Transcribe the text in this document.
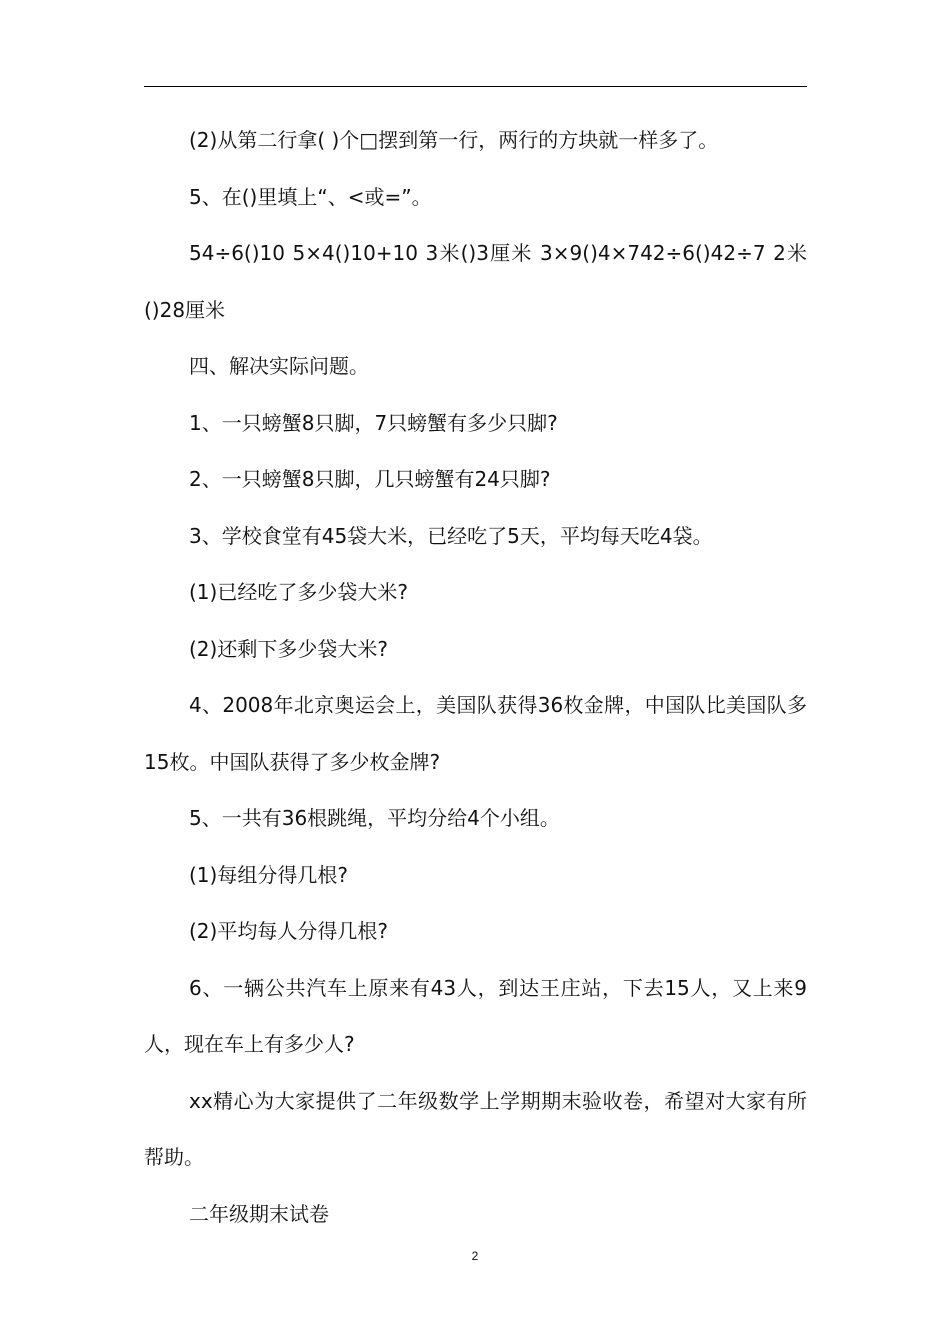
(2)从第二行拿( )个□摆到第一行，两行的方块就一样多了。

5、在()里填上“、<或=”。

54÷6()10 5×4()10+10 3米()3厘米 3×9()4×742÷6()42÷7 2米()28厘米

四、解决实际问题。

1、一只螃蟹8只脚，7只螃蟹有多少只脚?

2、一只螃蟹8只脚，几只螃蟹有24只脚?

3、学校食堂有45袋大米，已经吃了5天，平均每天吃4袋。

(1)已经吃了多少袋大米?

(2)还剩下多少袋大米?

4、2008年北京奥运会上，美国队获得36枚金牌，中国队比美国队多15枚。中国队获得了多少枚金牌?

5、一共有36根跳绳，平均分给4个小组。

(1)每组分得几根?

(2)平均每人分得几根?

6、一辆公共汽车上原来有43人，到达王庄站，下去15人，又上来9人，现在车上有多少人?

xx精心为大家提供了二年级数学上学期期末验收卷，希望对大家有所帮助。

二年级期末试卷

2
